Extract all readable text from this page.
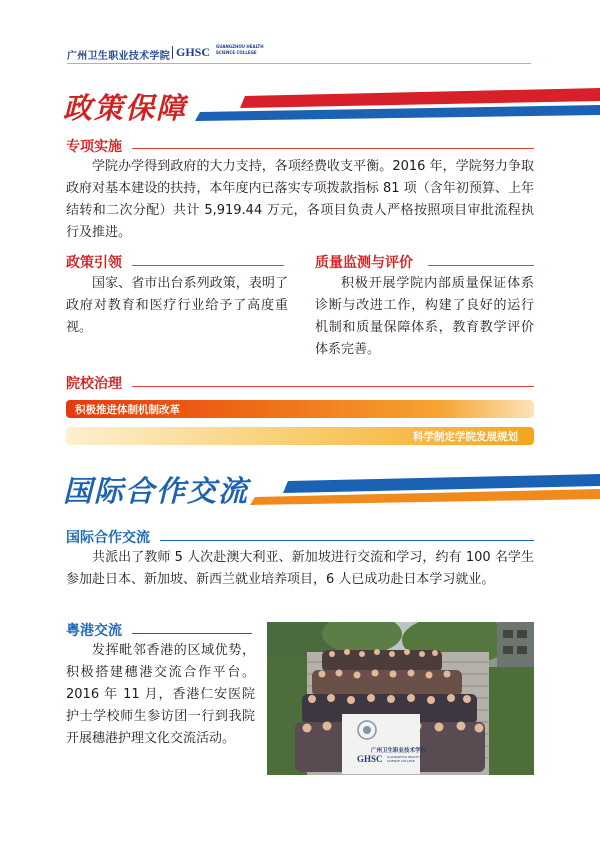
广州卫生职业技术学院 GHSC GUANGZHOU HEALTH
SCIENCE COLLEGE
政策保障
专项实施
学院办学得到政府的大力支持，各项经费收支平衡。2016 年，学院努力争取政府对基本建设的扶持，本年度内已落实专项拨款指标 81 项（含年初预算、上年结转和二次分配）共计 5,919.44 万元，各项目负责人严格按照项目审批流程执行及推进。
政策引领
国家、省市出台系列政策，表明了政府对教育和医疗行业给予了高度重视。
质量监测与评价
积极开展学院内部质量保证体系诊断与改进工作，构建了良好的运行机制和质量保障体系，教育教学评价体系完善。
院校治理
积极推进体制机制改革
科学制定学院发展规划
国际合作交流
国际合作交流
共派出了教师 5 人次赴澳大利亚、新加坡进行交流和学习，约有 100 名学生参加赴日本、新加坡、新西兰就业培养项目，6 人已成功赴日本学习就业。
粤港交流
发挥毗邻香港的区域优势，积极搭建穗港交流合作平台。2016 年 11 月，香港仁安医院护士学校师生参访团一行到我院开展穗港护理文化交流活动。
广州卫生职业技术学院
GHSC GUANGZHOU HEALTH
SCIENCE COLLEGE
